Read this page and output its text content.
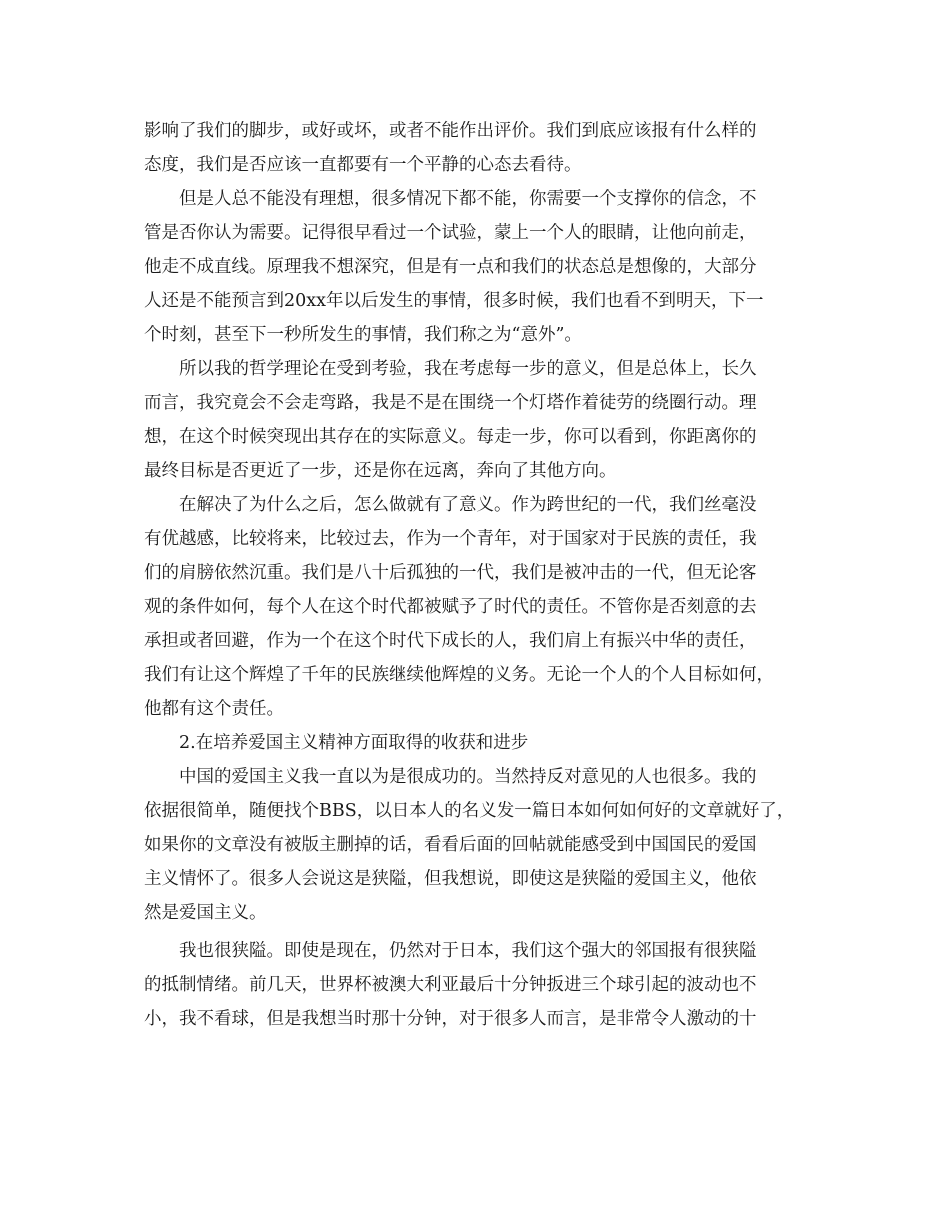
影响了我们的脚步，或好或坏，或者不能作出评价。我们到底应该报有什么样的
态度，我们是否应该一直都要有一个平静的心态去看待。
但是人总不能没有理想，很多情况下都不能，你需要一个支撑你的信念，不
管是否你认为需要。记得很早看过一个试验，蒙上一个人的眼睛，让他向前走，
他走不成直线。原理我不想深究，但是有一点和我们的状态总是想像的，大部分
人还是不能预言到20xx年以后发生的事情，很多时候，我们也看不到明天，下一
个时刻，甚至下一秒所发生的事情，我们称之为“意外”。
所以我的哲学理论在受到考验，我在考虑每一步的意义，但是总体上，长久
而言，我究竟会不会走弯路，我是不是在围绕一个灯塔作着徒劳的绕圈行动。理
想，在这个时候突现出其存在的实际意义。每走一步，你可以看到，你距离你的
最终目标是否更近了一步，还是你在远离，奔向了其他方向。
在解决了为什么之后，怎么做就有了意义。作为跨世纪的一代，我们丝毫没
有优越感，比较将来，比较过去，作为一个青年，对于国家对于民族的责任，我
们的肩膀依然沉重。我们是八十后孤独的一代，我们是被冲击的一代，但无论客
观的条件如何，每个人在这个时代都被赋予了时代的责任。不管你是否刻意的去
承担或者回避，作为一个在这个时代下成长的人，我们肩上有振兴中华的责任，
我们有让这个辉煌了千年的民族继续他辉煌的义务。无论一个人的个人目标如何，
他都有这个责任。
2.在培养爱国主义精神方面取得的收获和进步
中国的爱国主义我一直以为是很成功的。当然持反对意见的人也很多。我的
依据很简单，随便找个BBS，以日本人的名义发一篇日本如何如何好的文章就好了，
如果你的文章没有被版主删掉的话，看看后面的回帖就能感受到中国国民的爱国
主义情怀了。很多人会说这是狭隘，但我想说，即使这是狭隘的爱国主义，他依
然是爱国主义。
我也很狭隘。即使是现在，仍然对于日本，我们这个强大的邻国报有很狭隘
的抵制情绪。前几天，世界杯被澳大利亚最后十分钟扳进三个球引起的波动也不
小，我不看球，但是我想当时那十分钟，对于很多人而言，是非常令人激动的十
